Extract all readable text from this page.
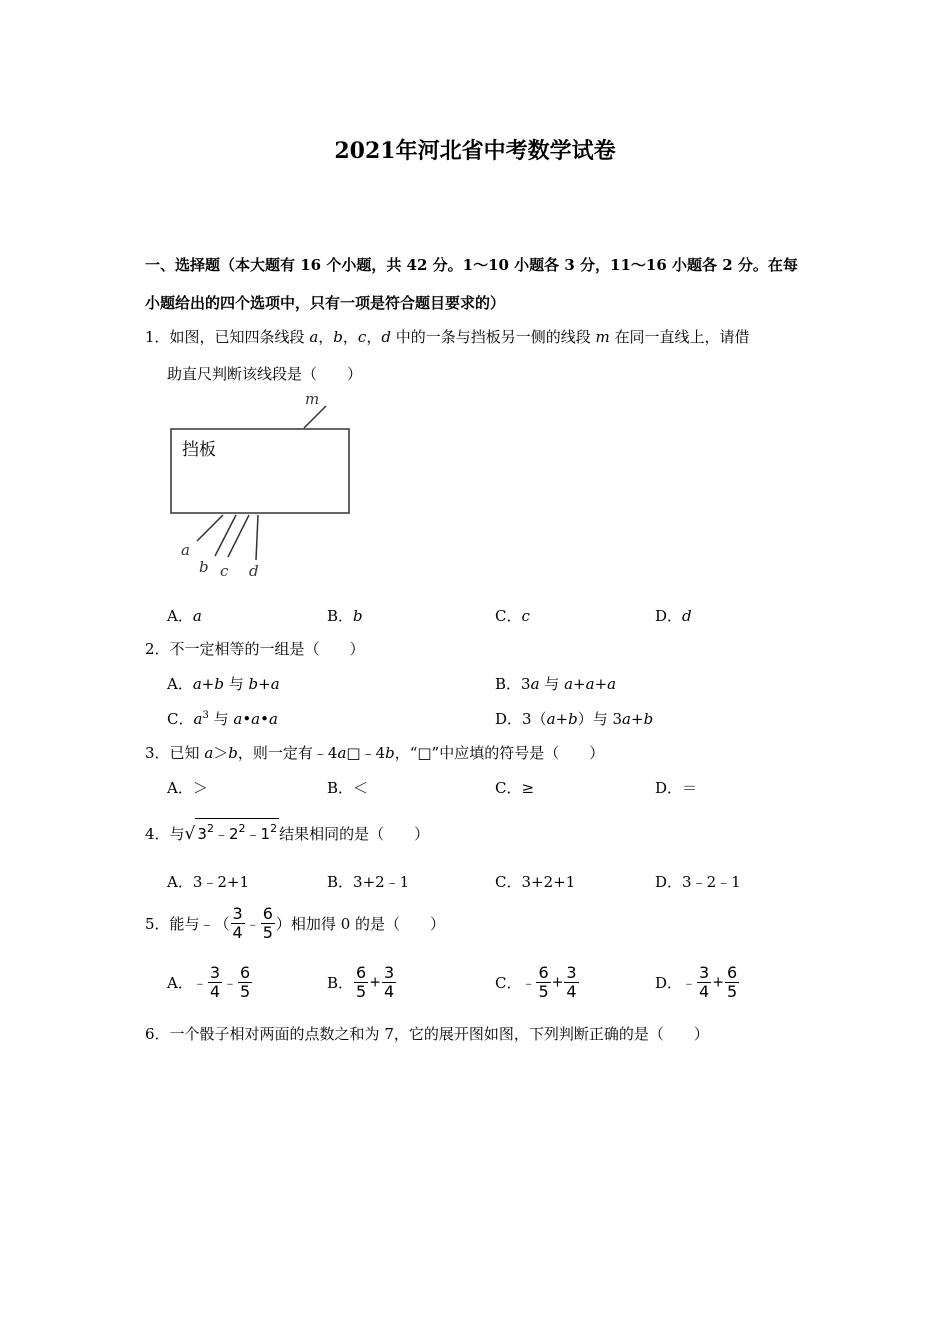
2021年河北省中考数学试卷
一、选择题（本大题有 16 个小题，共 42 分。1～10 小题各 3 分，11～16 小题各 2 分。在每
小题给出的四个选项中，只有一项是符合题目要求的）
1．如图，已知四条线段 a，b，c，d 中的一条与挡板另一侧的线段 m 在同一直线上，请借
助直尺判断该线段是（　　）
挡板
m
a
b c d
A．a	B．b	C．c	D．d
2．不一定相等的一组是（　　）
A．a+b 与 b+a	B．3a 与 a+a+a
C．$a^3$ 与 a•a•a	D．3（a+b）与 3a+b
3．已知 a＞b，则一定有﹣4a□﹣4b，“□”中应填的符号是（　　）
A．＞	B．＜	C．≥	D．＝
4．与√ $3^2﹣2^2﹣1^2$ 结果相同的是（　　）
A．3﹣2+1	B．3+2﹣1	C．3+2+1	D．3﹣2﹣1
5．能与﹣（ $\frac{3}{4}$ ﹣ $\frac{6}{5}$ ）相加得 0 的是（　　）
A．﹣ $\frac{3}{4}$ ﹣ $\frac{6}{5}$	B． $\frac{6}{5} + \frac{3}{4}$	C．﹣ $\frac{6}{5} + \frac{3}{4}$	D．﹣ $\frac{3}{4} + \frac{6}{5}$
6．一个骰子相对两面的点数之和为 7，它的展开图如图，下列判断正确的是（　　）
